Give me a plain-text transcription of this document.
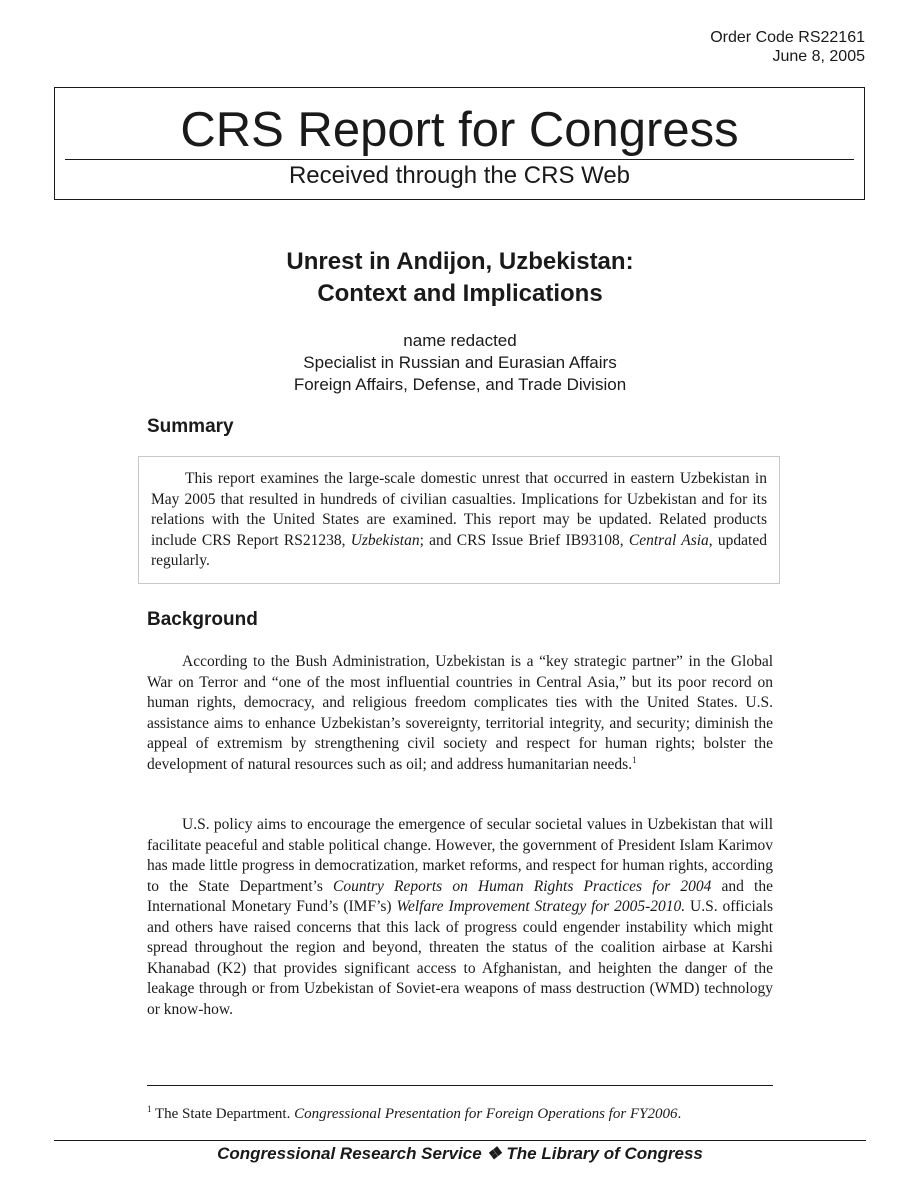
Order Code RS22161
June 8, 2005
CRS Report for Congress
Received through the CRS Web
Unrest in Andijon, Uzbekistan:
Context and Implications
name redacted
Specialist in Russian and Eurasian Affairs
Foreign Affairs, Defense, and Trade Division
Summary

This report examines the large-scale domestic unrest that occurred in eastern Uzbekistan in May 2005 that resulted in hundreds of civilian casualties. Implications for Uzbekistan and for its relations with the United States are examined. This report may be updated. Related products include CRS Report RS21238, Uzbekistan; and CRS Issue Brief IB93108, Central Asia, updated regularly.

Background

According to the Bush Administration, Uzbekistan is a “key strategic partner” in the Global War on Terror and “one of the most influential countries in Central Asia,” but its poor record on human rights, democracy, and religious freedom complicates ties with the United States. U.S. assistance aims to enhance Uzbekistan’s sovereignty, territorial integrity, and security; diminish the appeal of extremism by strengthening civil society and respect for human rights; bolster the development of natural resources such as oil; and address humanitarian needs.$^1$

U.S. policy aims to encourage the emergence of secular societal values in Uzbekistan that will facilitate peaceful and stable political change. However, the government of President Islam Karimov has made little progress in democratization, market reforms, and respect for human rights, according to the State Department’s Country Reports on Human Rights Practices for 2004 and the International Monetary Fund’s (IMF’s) Welfare Improvement Strategy for 2005-2010. U.S. officials and others have raised concerns that this lack of progress could engender instability which might spread throughout the region and beyond, threaten the status of the coalition airbase at Karshi Khanabad (K2) that provides significant access to Afghanistan, and heighten the danger of the leakage through or from Uzbekistan of Soviet-era weapons of mass destruction (WMD) technology or know-how.

$^1$ The State Department. Congressional Presentation for Foreign Operations for FY2006.
Congressional Research Service ❖ The Library of Congress
